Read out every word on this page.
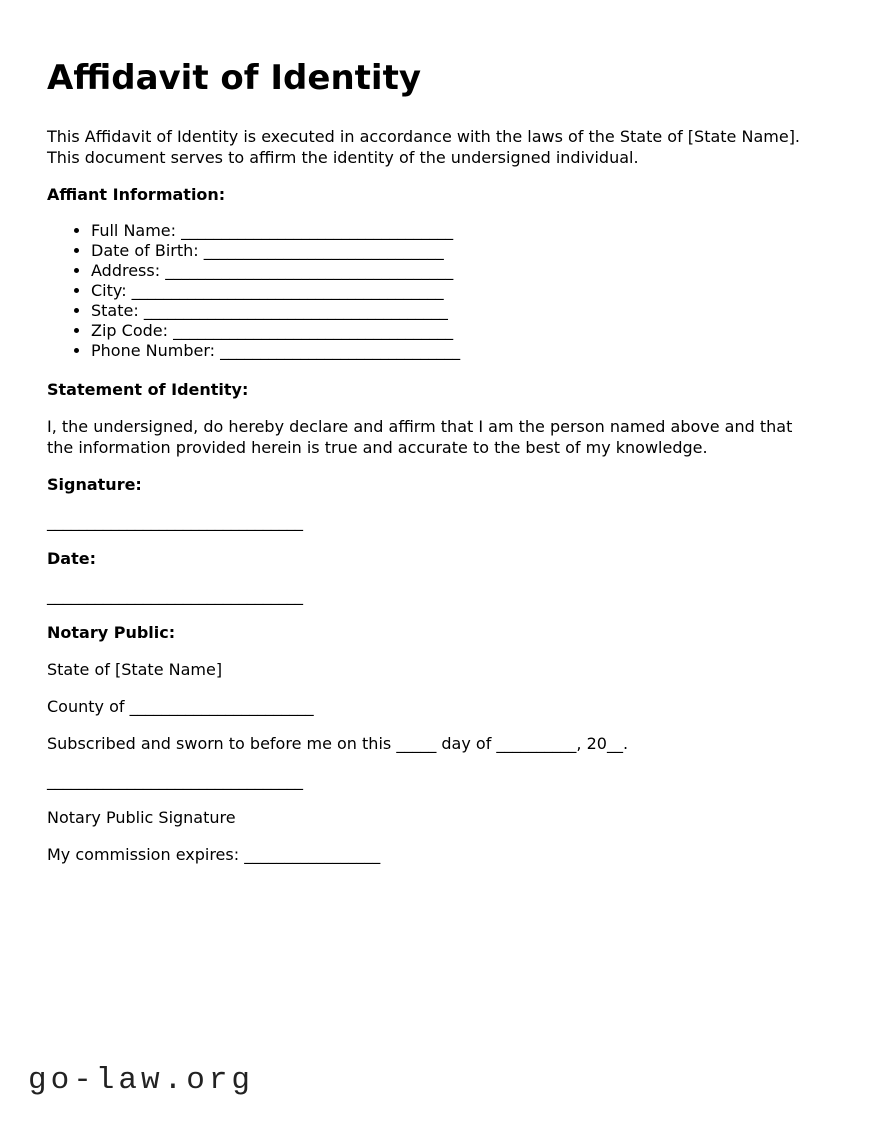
Affidavit of Identity

This Affidavit of Identity is executed in accordance with the laws of the State of [State Name]. This document serves to affirm the identity of the undersigned individual.

Affiant Information:

• Full Name: __________________________________
• Date of Birth: ______________________________
• Address: ____________________________________
• City: _______________________________________
• State: ______________________________________
• Zip Code: ___________________________________
• Phone Number: ______________________________

Statement of Identity:

I, the undersigned, do hereby declare and affirm that I am the person named above and that the information provided herein is true and accurate to the best of my knowledge.

Signature:

________________________________

Date:

________________________________

Notary Public:

State of [State Name]

County of _______________________

Subscribed and sworn to before me on this _____ day of __________, 20__.

________________________________

Notary Public Signature

My commission expires: _________________

go-law.org
